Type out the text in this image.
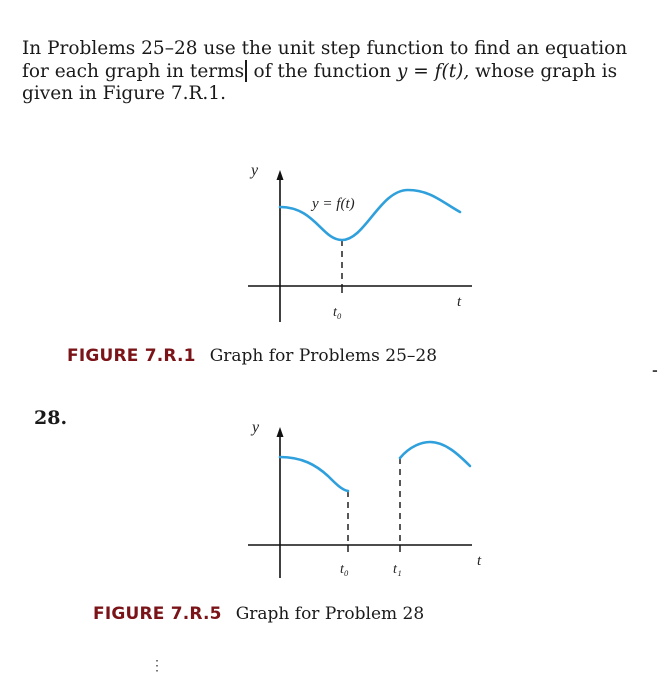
In Problems 25–28 use the unit step function to find an equation for each graph in terms of the function y = f(t), whose graph is given in Figure 7.R.1.

y
y = f(t)
t₀
t
FIGURE 7.R.1 Graph for Problems 25–28
28.	y
t₀	t₁
t
FIGURE 7.R.5 Graph for Problem 28
-
⋮
